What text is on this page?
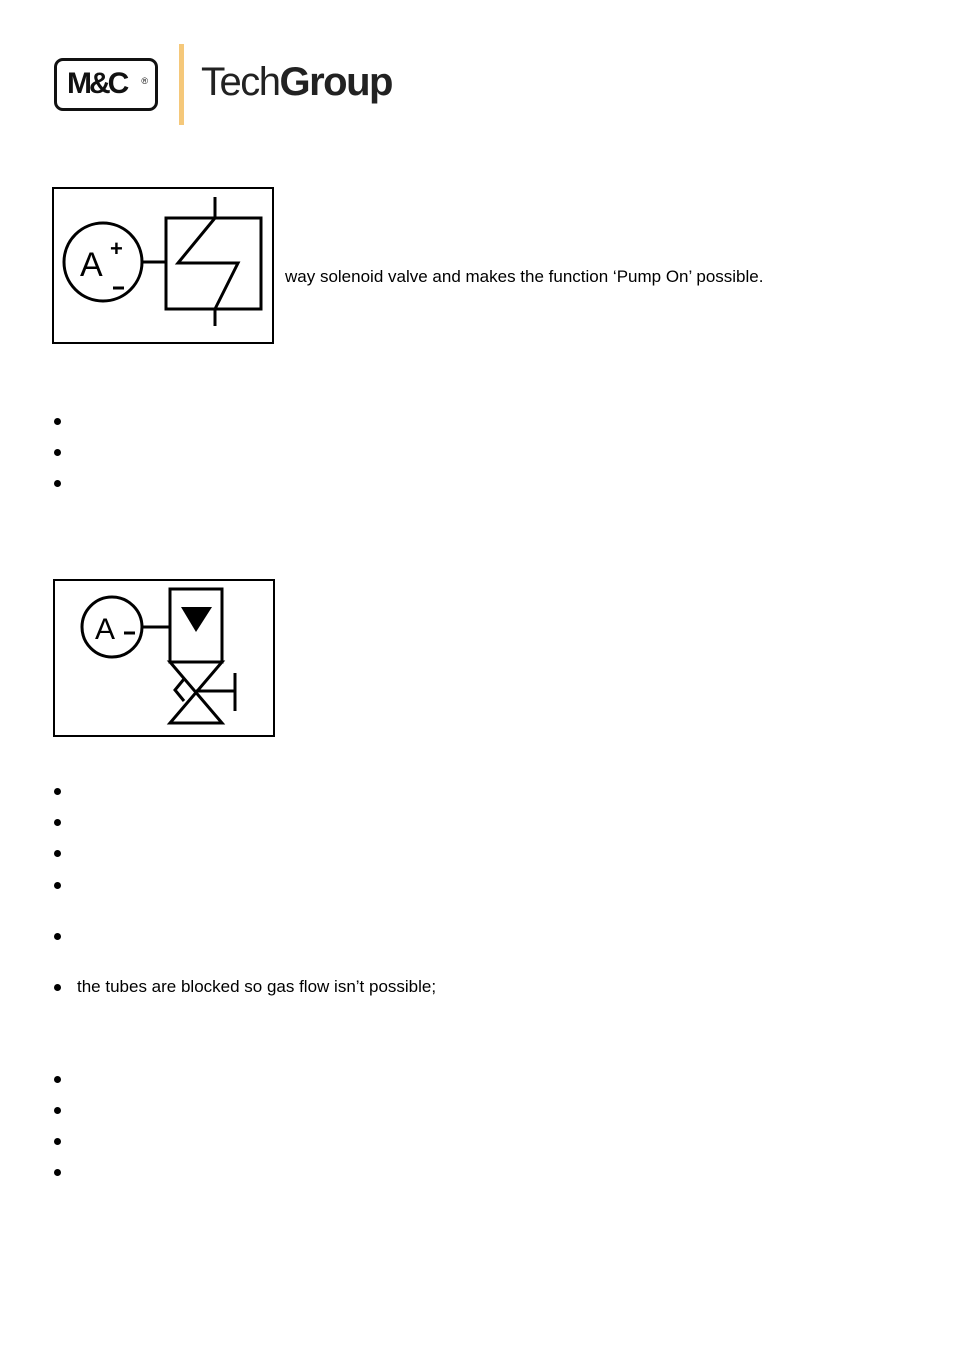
M&C ® TechGroup
A +
way solenoid valve and makes the function ‘Pump On’ possible.
A
the tubes are blocked so gas flow isn’t possible;
